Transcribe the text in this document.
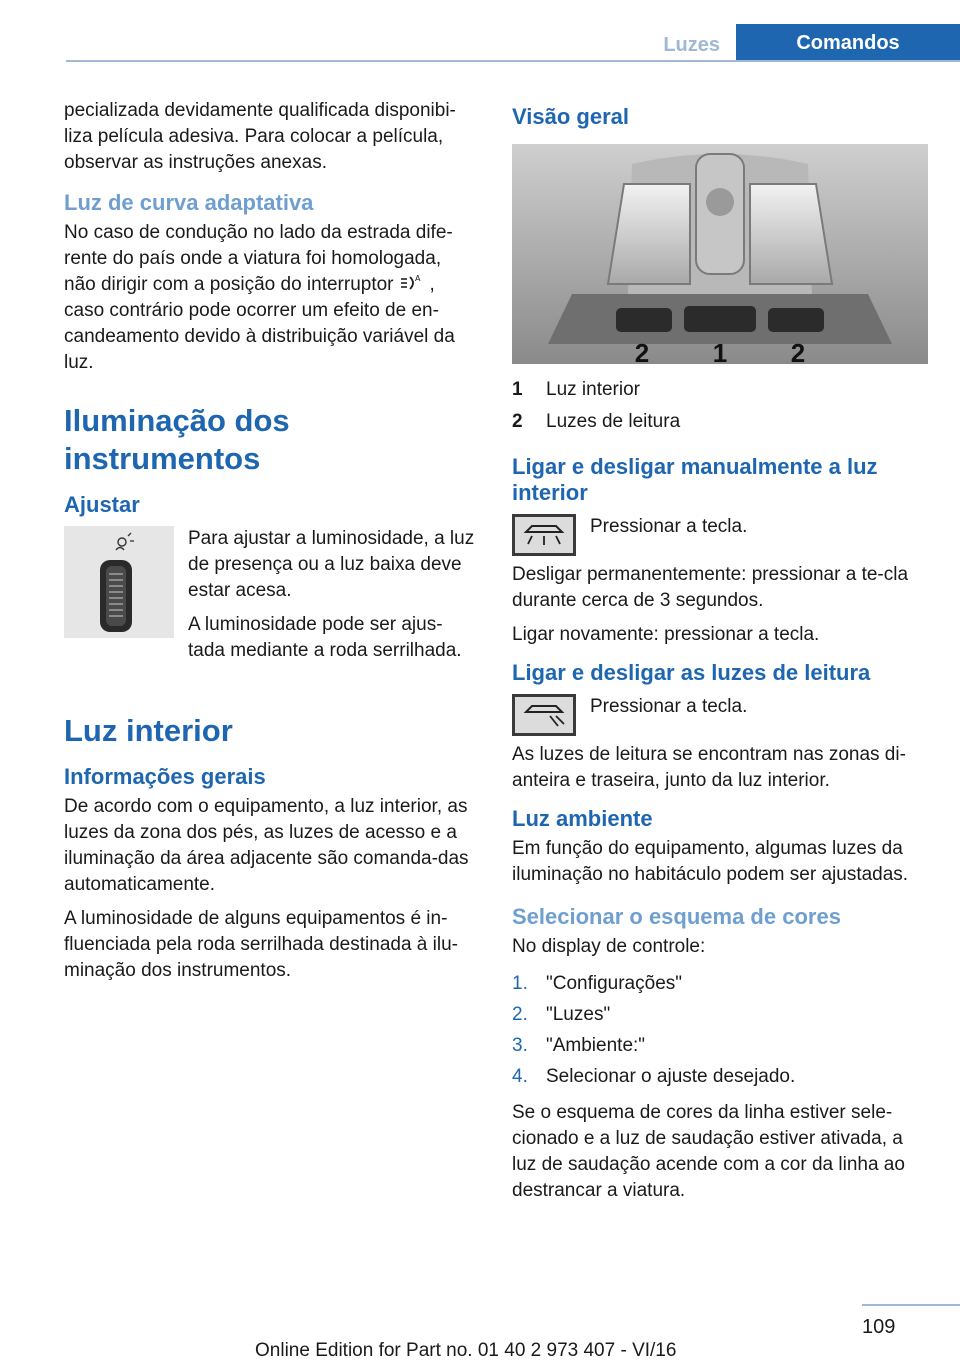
Luzes	Comandos

pecializada devidamente qualificada disponibi-liza película adesiva. Para colocar a película, observar as instruções anexas.

Luz de curva adaptativa

No caso de condução no lado da estrada dife-rente do país onde a viatura foi homologada, não dirigir com a posição do interruptor	A , caso contrário pode ocorrer um efeito de en-candeamento devido à distribuição variável da luz.

Iluminação dos instrumentos
Ajustar

Para ajustar a luminosidade, a luz de presença ou a luz baixa deve estar acesa.

A luminosidade pode ser ajus-tada mediante a roda serrilhada.

Luz interior
Informações gerais

De acordo com o equipamento, a luz interior, as luzes da zona dos pés, as luzes de acesso e a iluminação da área adjacente são comanda-das automaticamente.

A luminosidade de alguns equipamentos é in-fluenciada pela roda serrilhada destinada à ilu-minação dos instrumentos.

Visão geral
2 1 2
1	Luz interior
2	Luzes de leitura
Ligar e desligar manualmente a luz interior

Pressionar a tecla.

Desligar permanentemente: pressionar a te-cla durante cerca de 3 segundos.

Ligar novamente: pressionar a tecla.

Ligar e desligar as luzes de leitura

Pressionar a tecla.

As luzes de leitura se encontram nas zonas di-anteira e traseira, junto da luz interior.

Luz ambiente

Em função do equipamento, algumas luzes da iluminação no habitáculo podem ser ajustadas.

Selecionar o esquema de cores

No display de controle:

1. "Configurações"
2. "Luzes"
3. "Ambiente:"
4. Selecionar o ajuste desejado.

Se o esquema de cores da linha estiver sele-cionado e a luz de saudação estiver ativada, a luz de saudação acende com a cor da linha ao destrancar a viatura.

109
Online Edition for Part no. 01 40 2 973 407 - VI/16
